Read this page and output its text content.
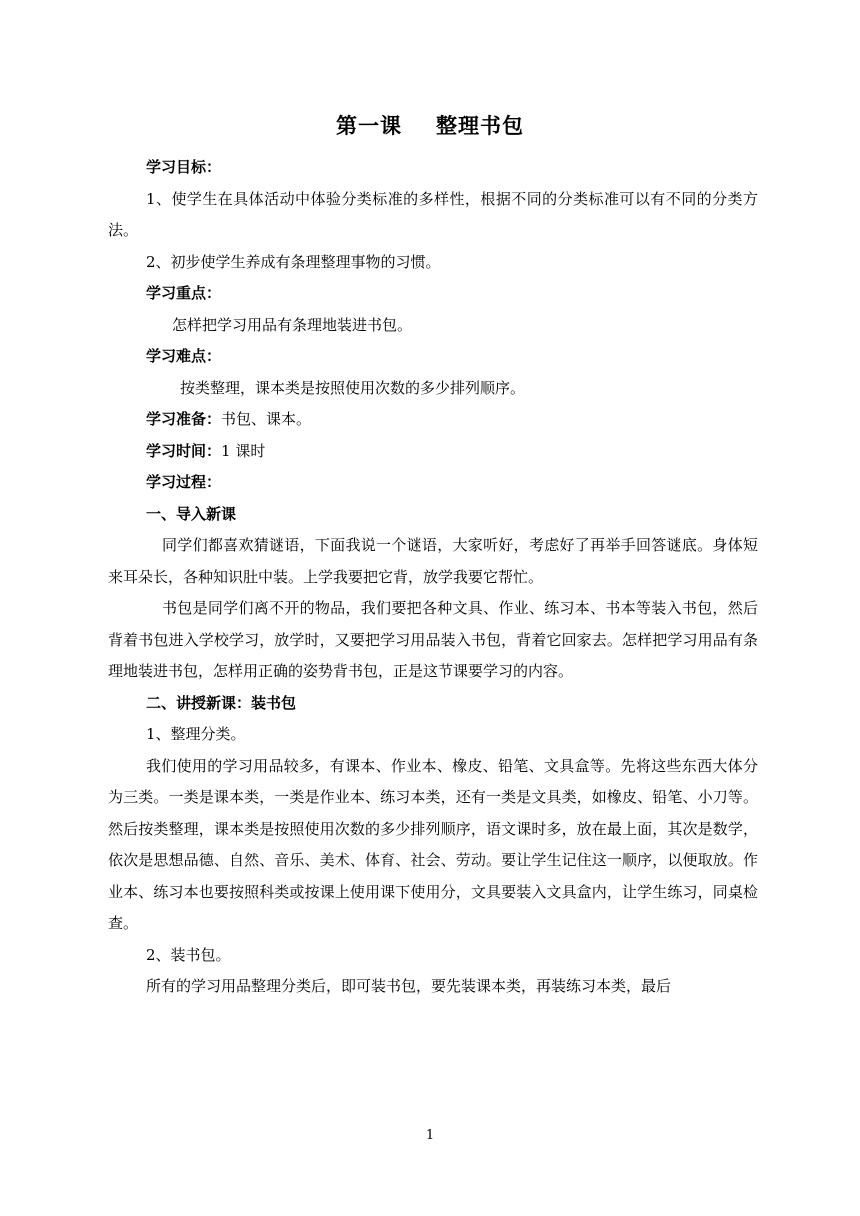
第一课 整理书包

学习目标：

1、使学生在具体活动中体验分类标准的多样性，根据不同的分类标准可以有不同的分类方法。

2、初步使学生养成有条理整理事物的习惯。

学习重点：

怎样把学习用品有条理地装进书包。

学习难点：

按类整理，课本类是按照使用次数的多少排列顺序。

学习准备：书包、课本。

学习时间：1 课时

学习过程：

一、导入新课

同学们都喜欢猜谜语，下面我说一个谜语，大家听好，考虑好了再举手回答谜底。身体短来耳朵长，各种知识肚中装。上学我要把它背，放学我要它帮忙。

书包是同学们离不开的物品，我们要把各种文具、作业、练习本、书本等装入书包，然后背着书包进入学校学习，放学时，又要把学习用品装入书包，背着它回家去。怎样把学习用品有条理地装进书包，怎样用正确的姿势背书包，正是这节课要学习的内容。

二、讲授新课：装书包

1、整理分类。

我们使用的学习用品较多，有课本、作业本、橡皮、铅笔、文具盒等。先将这些东西大体分为三类。一类是课本类，一类是作业本、练习本类，还有一类是文具类，如橡皮、铅笔、小刀等。然后按类整理，课本类是按照使用次数的多少排列顺序，语文课时多，放在最上面，其次是数学，依次是思想品德、自然、音乐、美术、体育、社会、劳动。要让学生记住这一顺序，以便取放。作业本、练习本也要按照科类或按课上使用课下使用分，文具要装入文具盒内，让学生练习，同桌检查。

2、装书包。

所有的学习用品整理分类后，即可装书包，要先装课本类，再装练习本类，最后

1
